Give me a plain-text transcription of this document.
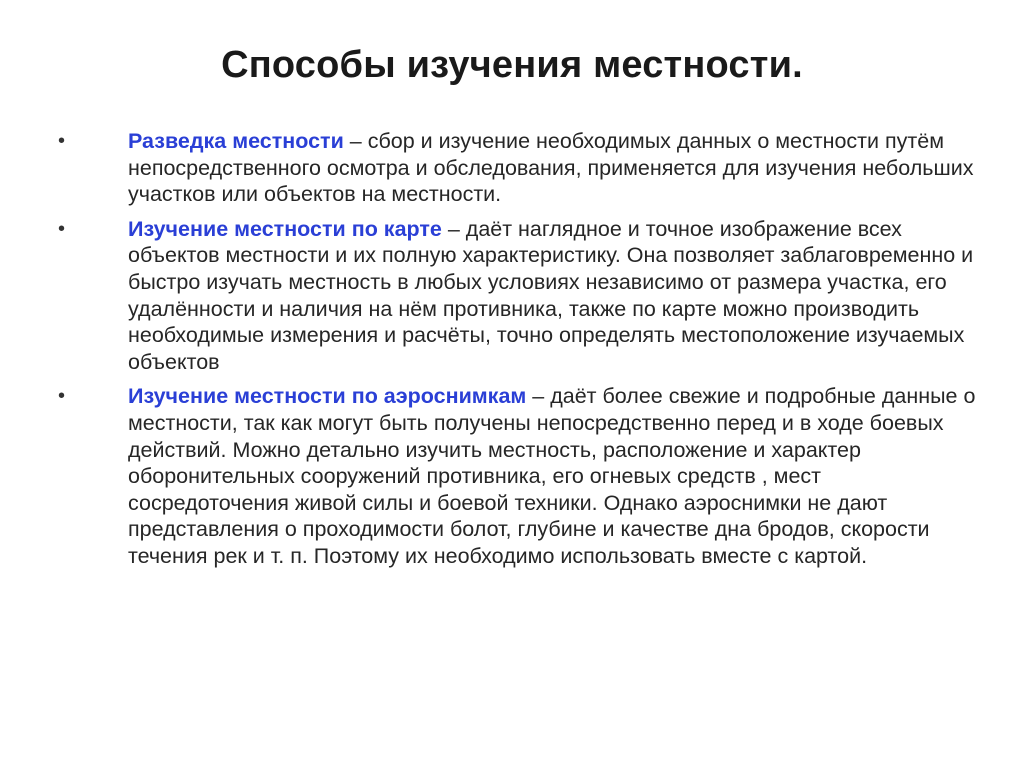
Способы изучения местности.
•	Разведка местности – сбор и изучение необходимых данных о местности путём непосредственного осмотра и обследования, применяется для изучения небольших участков или объектов на местности.
•	Изучение местности по карте – даёт наглядное и точное изображение всех объектов местности и их полную характеристику. Она позволяет заблаговременно и быстро изучать местность в любых условиях независимо от размера участка, его удалённости и наличия на нём противника, также по карте можно производить необходимые измерения и расчёты, точно определять местоположение изучаемых объектов
•	Изучение местности по аэроснимкам – даёт более свежие и подробные данные о местности, так как могут быть получены непосредственно перед и в ходе боевых действий. Можно детально изучить местность, расположение и характер оборонительных сооружений противника, его огневых средств , мест сосредоточения живой силы и боевой техники. Однако аэроснимки не дают представления о проходимости болот, глубине и качестве дна бродов, скорости течения рек и т. п. Поэтому их необходимо использовать вместе с картой.
